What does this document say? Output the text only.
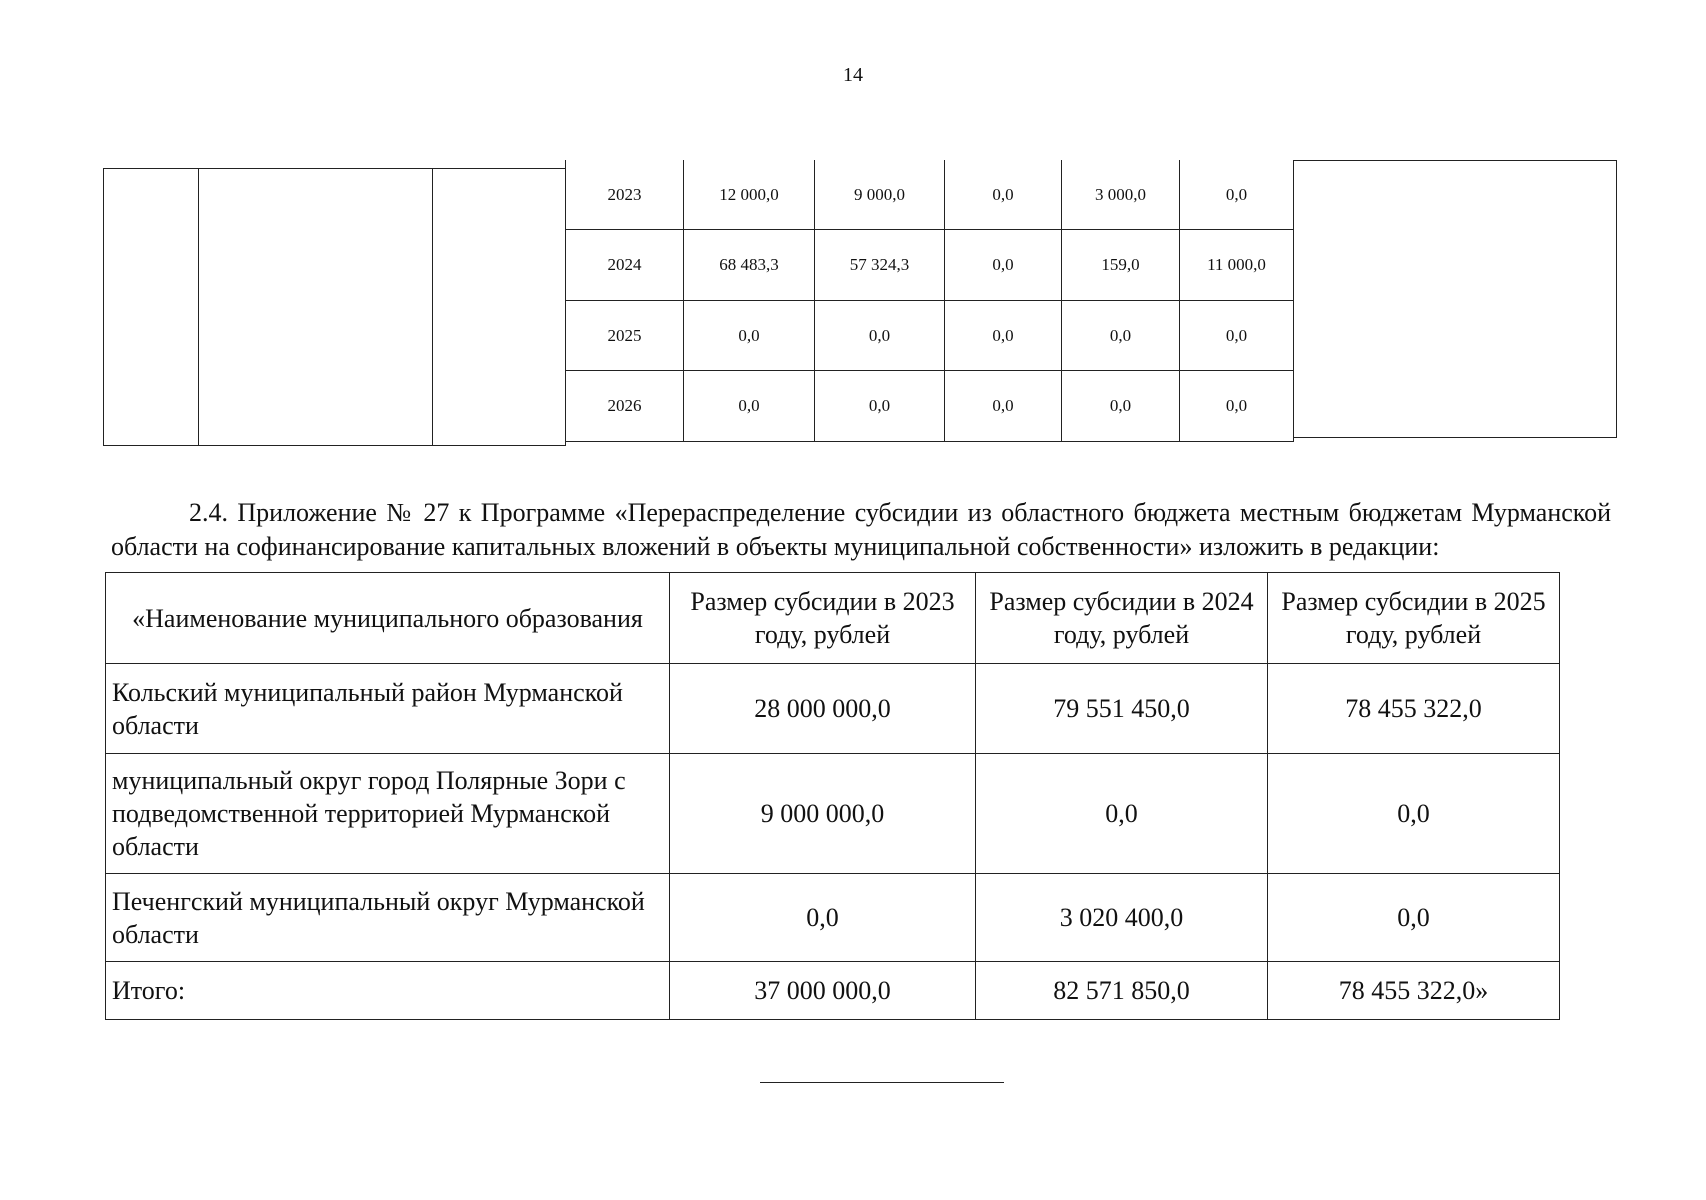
14
2023	12 000,0	9 000,0	0,0	3 000,0	0,0
2024	68 483,3	57 324,3	0,0	159,0	11 000,0
2025	0,0	0,0	0,0	0,0	0,0
2026	0,0	0,0	0,0	0,0	0,0

2.4. Приложение № 27 к Программе «Перераспределение субсидии из областного бюджета местным бюджетам Мурманской области на софинансирование капитальных вложений в объекты муниципальной собственности» изложить в редакции:

«Наименование муниципального образования	Размер субсидии в 2023 году, рублей	Размер субсидии в 2024 году, рублей	Размер субсидии в 2025 году, рублей
Кольский муниципальный район Мурманской области	28 000 000,0	79 551 450,0	78 455 322,0
муниципальный округ город Полярные Зори с подведомственной территорией Мурманской области	9 000 000,0	0,0	0,0
Печенгский муниципальный округ Мурманской области	0,0	3 020 400,0	0,0
Итого:	37 000 000,0	82 571 850,0	78 455 322,0»
